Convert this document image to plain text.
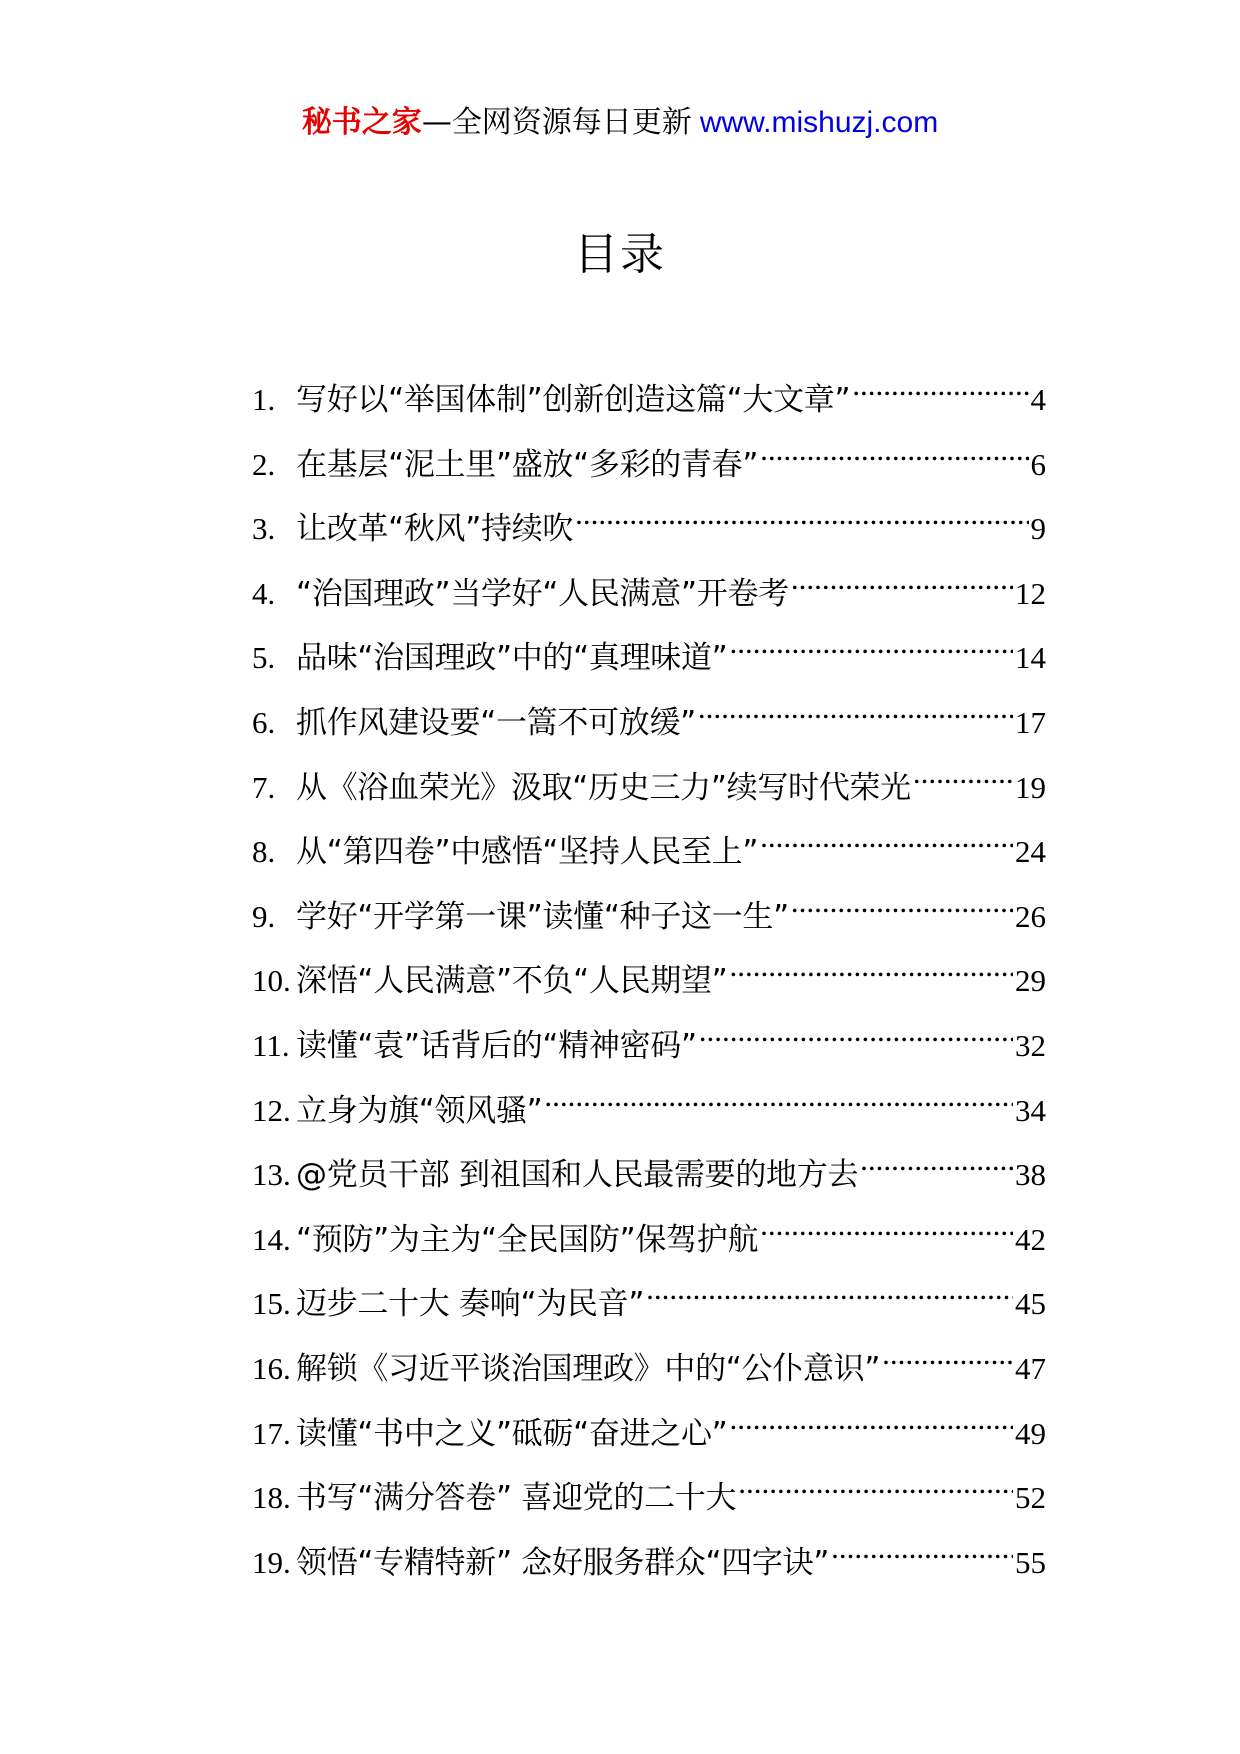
秘书之家—全网资源每日更新 www.mishuzj.com
目录
1. 写好以“举国体制”创新创造这篇“大文章” .....	4
2. 在基层“泥土里”盛放“多彩的青春” .....	6
3. 让改革“秋风”持续吹 .....	9
4. “治国理政”当学好“人民满意”开卷考 .....	12
5. 品味“治国理政”中的“真理味道” .....	14
6. 抓作风建设要“一篙不可放缓” .....	17
7. 从《浴血荣光》汲取“历史三力”续写时代荣光 .....	19
8. 从“第四卷”中感悟“坚持人民至上” .....	24
9. 学好“开学第一课”读懂“种子这一生” .....	26
10. 深悟“人民满意”不负“人民期望” .....	29
11. 读懂“袁”话背后的“精神密码” .....	32
12. 立身为旗“领风骚” .....	34
13. @党员干部 到祖国和人民最需要的地方去 .....	38
14. “预防”为主为“全民国防”保驾护航 .....	42
15. 迈步二十大 奏响“为民音” .....	45
16. 解锁《习近平谈治国理政》中的“公仆意识” .....	47
17. 读懂“书中之义”砥砺“奋进之心” .....	49
18. 书写“满分答卷” 喜迎党的二十大 .....	52
19. 领悟“专精特新” 念好服务群众“四字诀” .....	55
